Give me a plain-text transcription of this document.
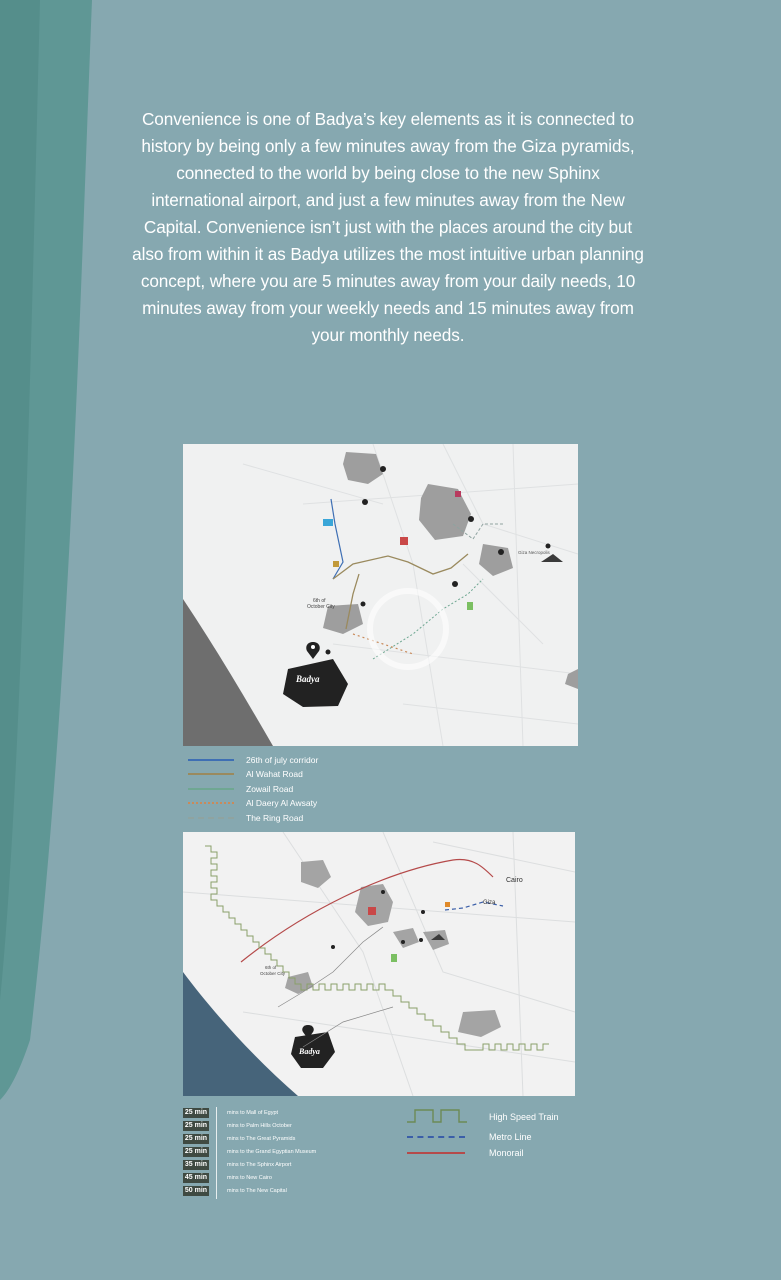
Convenience is one of Badya’s key elements as it is connected to history by being only a few minutes away from the Giza pyramids, connected to the world by being close to the new Sphinx international airport, and just a few minutes away from the New Capital. Convenience isn’t just with the places around the city but also from within it as Badya utilizes the most intuitive urban planning concept, where you are 5 minutes away from your daily needs, 10 minutes away from your weekly needs and 15 minutes away from your monthly needs.
6th of
October City
Giza Necropolis
Badya
26th of july corridor
Al Wahat Road
Zowail Road
Al Daery Al Awsaty
The Ring Road
6th of
October City
Cairo
Giza
Badya
25 min	mins to Mall of Egypt
25 min	mins to Palm Hills October
25 min	mins to The Great Pyramids
25 min	mins to the Grand Egyptian Museum
35 min	mins to The Sphinx Airport
45 min	mins to New Cairo
50 min	mins to The New Capital
High Speed Train
Metro Line
Monorail
